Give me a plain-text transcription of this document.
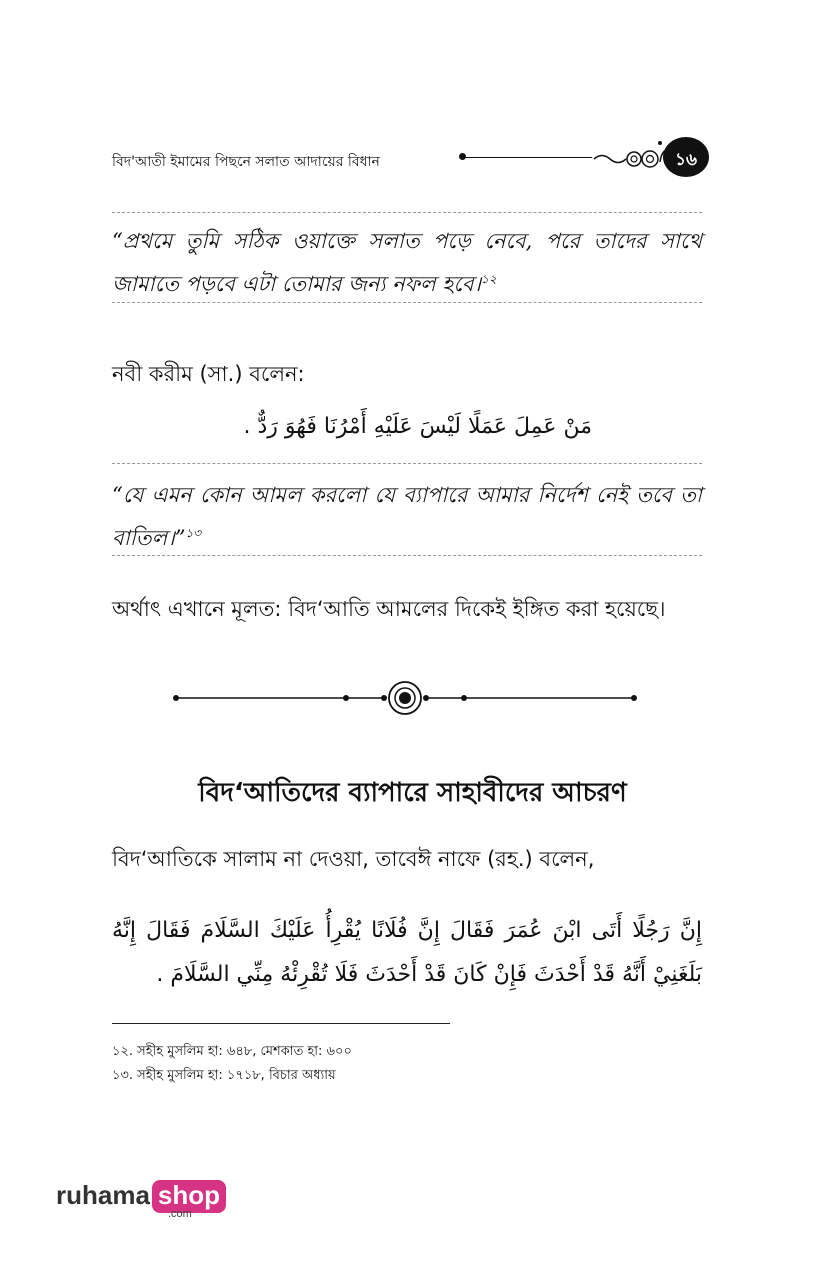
বিদ'আতী ইমামের পিছনে সলাত আদায়ের বিধান	১৬
“প্রথমে তুমি সঠিক ওয়াক্তে সলাত পড়ে নেবে, পরে তাদের সাথে জামাতে পড়বে এটা তোমার জন্য নফল হবে।$^{১২}$
নবী করীম (সা.) বলেন:
مَنْ عَمِلَ عَمَلًا لَيْسَ عَلَيْهِ أَمْرُنَا فَهُوَ رَدٌّ .
“যে এমন কোন আমল করলো যে ব্যাপারে আমার নির্দেশ নেই তবে তা বাতিল।”$^{১৩}$
অর্থাৎ এখানে মূলত: বিদ‘আতি আমলের দিকেই ইঙ্গিত করা হয়েছে।
বিদ‘আতিদের ব্যাপারে সাহাবীদের আচরণ
বিদ‘আতিকে সালাম না দেওয়া, তাবেঈ নাফে (রহ.) বলেন,
إِنَّ رَجُلًا أَتَى ابْنَ عُمَرَ فَقَالَ إِنَّ فُلَانًا يُقْرِأُ عَلَيْكَ السَّلَامَ فَقَالَ إِنَّهُ
بَلَغَنِيْ أَنَّهُ قَدْ أَحْدَثَ فَإِنْ كَانَ قَدْ أَحْدَثَ فَلَا تُقْرِئْهُ مِنِّي السَّلَامَ .
১২. সহীহ মুসলিম হা: ৬৪৮, মেশকাত হা: ৬০০
১৩. সহীহ মুসলিম হা: ১৭১৮, বিচার অধ্যায়
ruhama shop
.com
